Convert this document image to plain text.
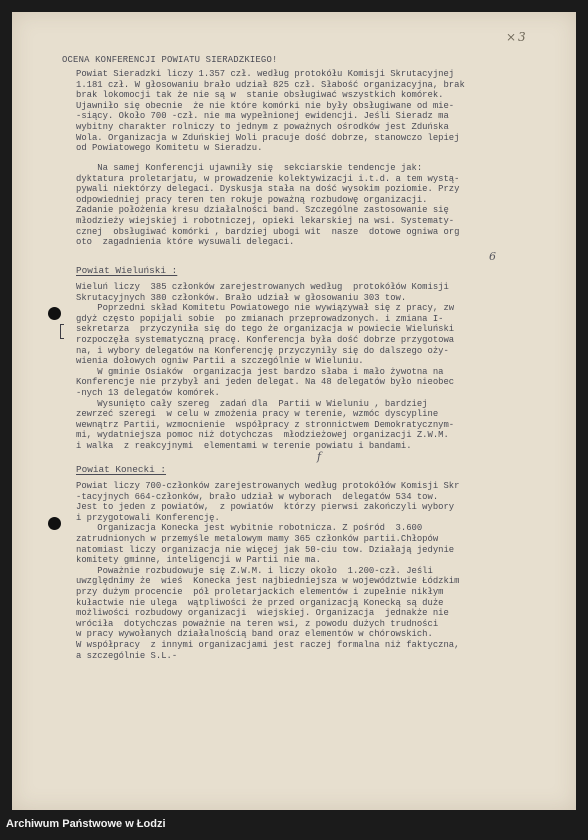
⨯3
OCENA KONFERENCJI POWIATU SIERADZKIEGO!
Powiat Sieradzki liczy 1.357 czł. według protokółu Komisji Skrutacyjnej
1.181 czł. W głosowaniu brało udział 825 czł. Słabość organizacyjna, brak
brak lokomocji tak że nie są w  stanie obsługiwać wszystkich komórek.
Ujawniło się obecnie  że nie które komórki nie były obsługiwane od mie-
-siący. Około 700 -czł. nie ma wypełnionej ewidencji. Jeśli Sieradz ma
wybitny charakter rolniczy to jednym z poważnych ośrodków jest Zduńska
Wola. Organizacja w Zduńskiej Woli pracuje dość dobrze, stanowczo lepiej
od Powiatowego Komitetu w Sieradzu.
Na samej Konferencji ujawniły się  sekciarskie tendencje jak:
dyktatura proletarjatu, w prowadzenie kolektywizacji i.t.d. a tem wystą-
pywali niektórzy delegaci. Dyskusja stała na dość wysokim poziomie. Przy
odpowiedniej pracy teren ten rokuje poważną rozbudowę organizacji.
Zadanie położenia kresu działalności band. Szczególne zastosowanie się
młodzieży wiejskiej i robotniczej, opieki lekarskiej na wsi. Systematy-
cznej  obsługiwać komórki , bardziej ubogi wit  nasze  dotowe ogniwa org
oto  zagadnienia które wysuwali delegaci.
6
Powiat Wieluński :
Wieluń liczy  385 członków zarejestrowanych według  protokółów Komisji
Skrutacyjnych 380 członków. Brało udział w głosowaniu 303 tow.
Poprzedni skład Komitetu Powiatowego nie wywiązywał się z pracy, zw
gdyż często popijali sobie  po zmianach przeprowadzonych. i zmiana I-
sekretarza  przyczyniła się do tego że organizacja w powiecie Wieluński
rozpoczęła systematyczną pracę. Konferencja była dość dobrze przygotowa
na, i wybory delegatów na Konferencję przyczyniły się do dalszego oży-
wienia dołowych ogniw Partii a szczególnie w Wieluniu.
W gminie Osiaków  organizacja jest bardzo słaba i mało żywotna na
Konferencje nie przybył ani jeden delegat. Na 48 delegatów było nieobec
-nych 13 delegatów komórek.
Wysunięto cały szereg  zadań dla  Partii w Wieluniu , bardziej
zewrzeć szeregi  w celu w zmożenia pracy w terenie, wzmóc dyscypline
wewnątrz Partii, wzmocnienie  współpracy z stronnictwem Demokratycznym-
mi, wydatniejsza pomoc niż dotychczas  młodzieżowej organizacji Z.W.M.
i walka  z reakcyjnymi  elementami w terenie powiatu i bandami.
f
Powiat Konecki :
Powiat liczy 700-członków zarejestrowanych według protokółów Komisji Skr
-tacyjnych 664-członków, brało udział w wyborach  delegatów 534 tow.
Jest to jeden z powiatów,  z powiatów  którzy pierwsi zakończyli wybory
i przygotowali Konferencję.
Organizacja Konecka jest wybitnie robotnicza. Z pośród  3.600
zatrudnionych w przemyśle metalowym mamy 365 członków partii.Chłopów
natomiast liczy organizacja nie więcej jak 50-ciu tow. Działają jedynie
komitety gminne, inteligencji w Partii nie ma.
Poważnie rozbudowuje się Z.W.M. i liczy około  1.200-czł. Jeśli
uwzględnimy że  wieś  Konecka jest najbiedniejsza w województwie Łódzkim
przy dużym procencie  pół proletarjackich elementów i zupełnie nikłym
kułactwie nie ulega  wątpliwości że przed organizacją Konecką są duże
możliwości rozbudowy organizacji  wiejskiej. Organizacja  jednakże nie
wróciła  dotychczas poważnie na teren wsi, z powodu dużych trudności
w pracy wywołanych działalnością band oraz elementów w chórowskich.
W współpracy  z innymi organizacjami jest raczej formalna niż faktyczna,
a szczególnie S.L.-
Archiwum Państwowe w Łodzi
